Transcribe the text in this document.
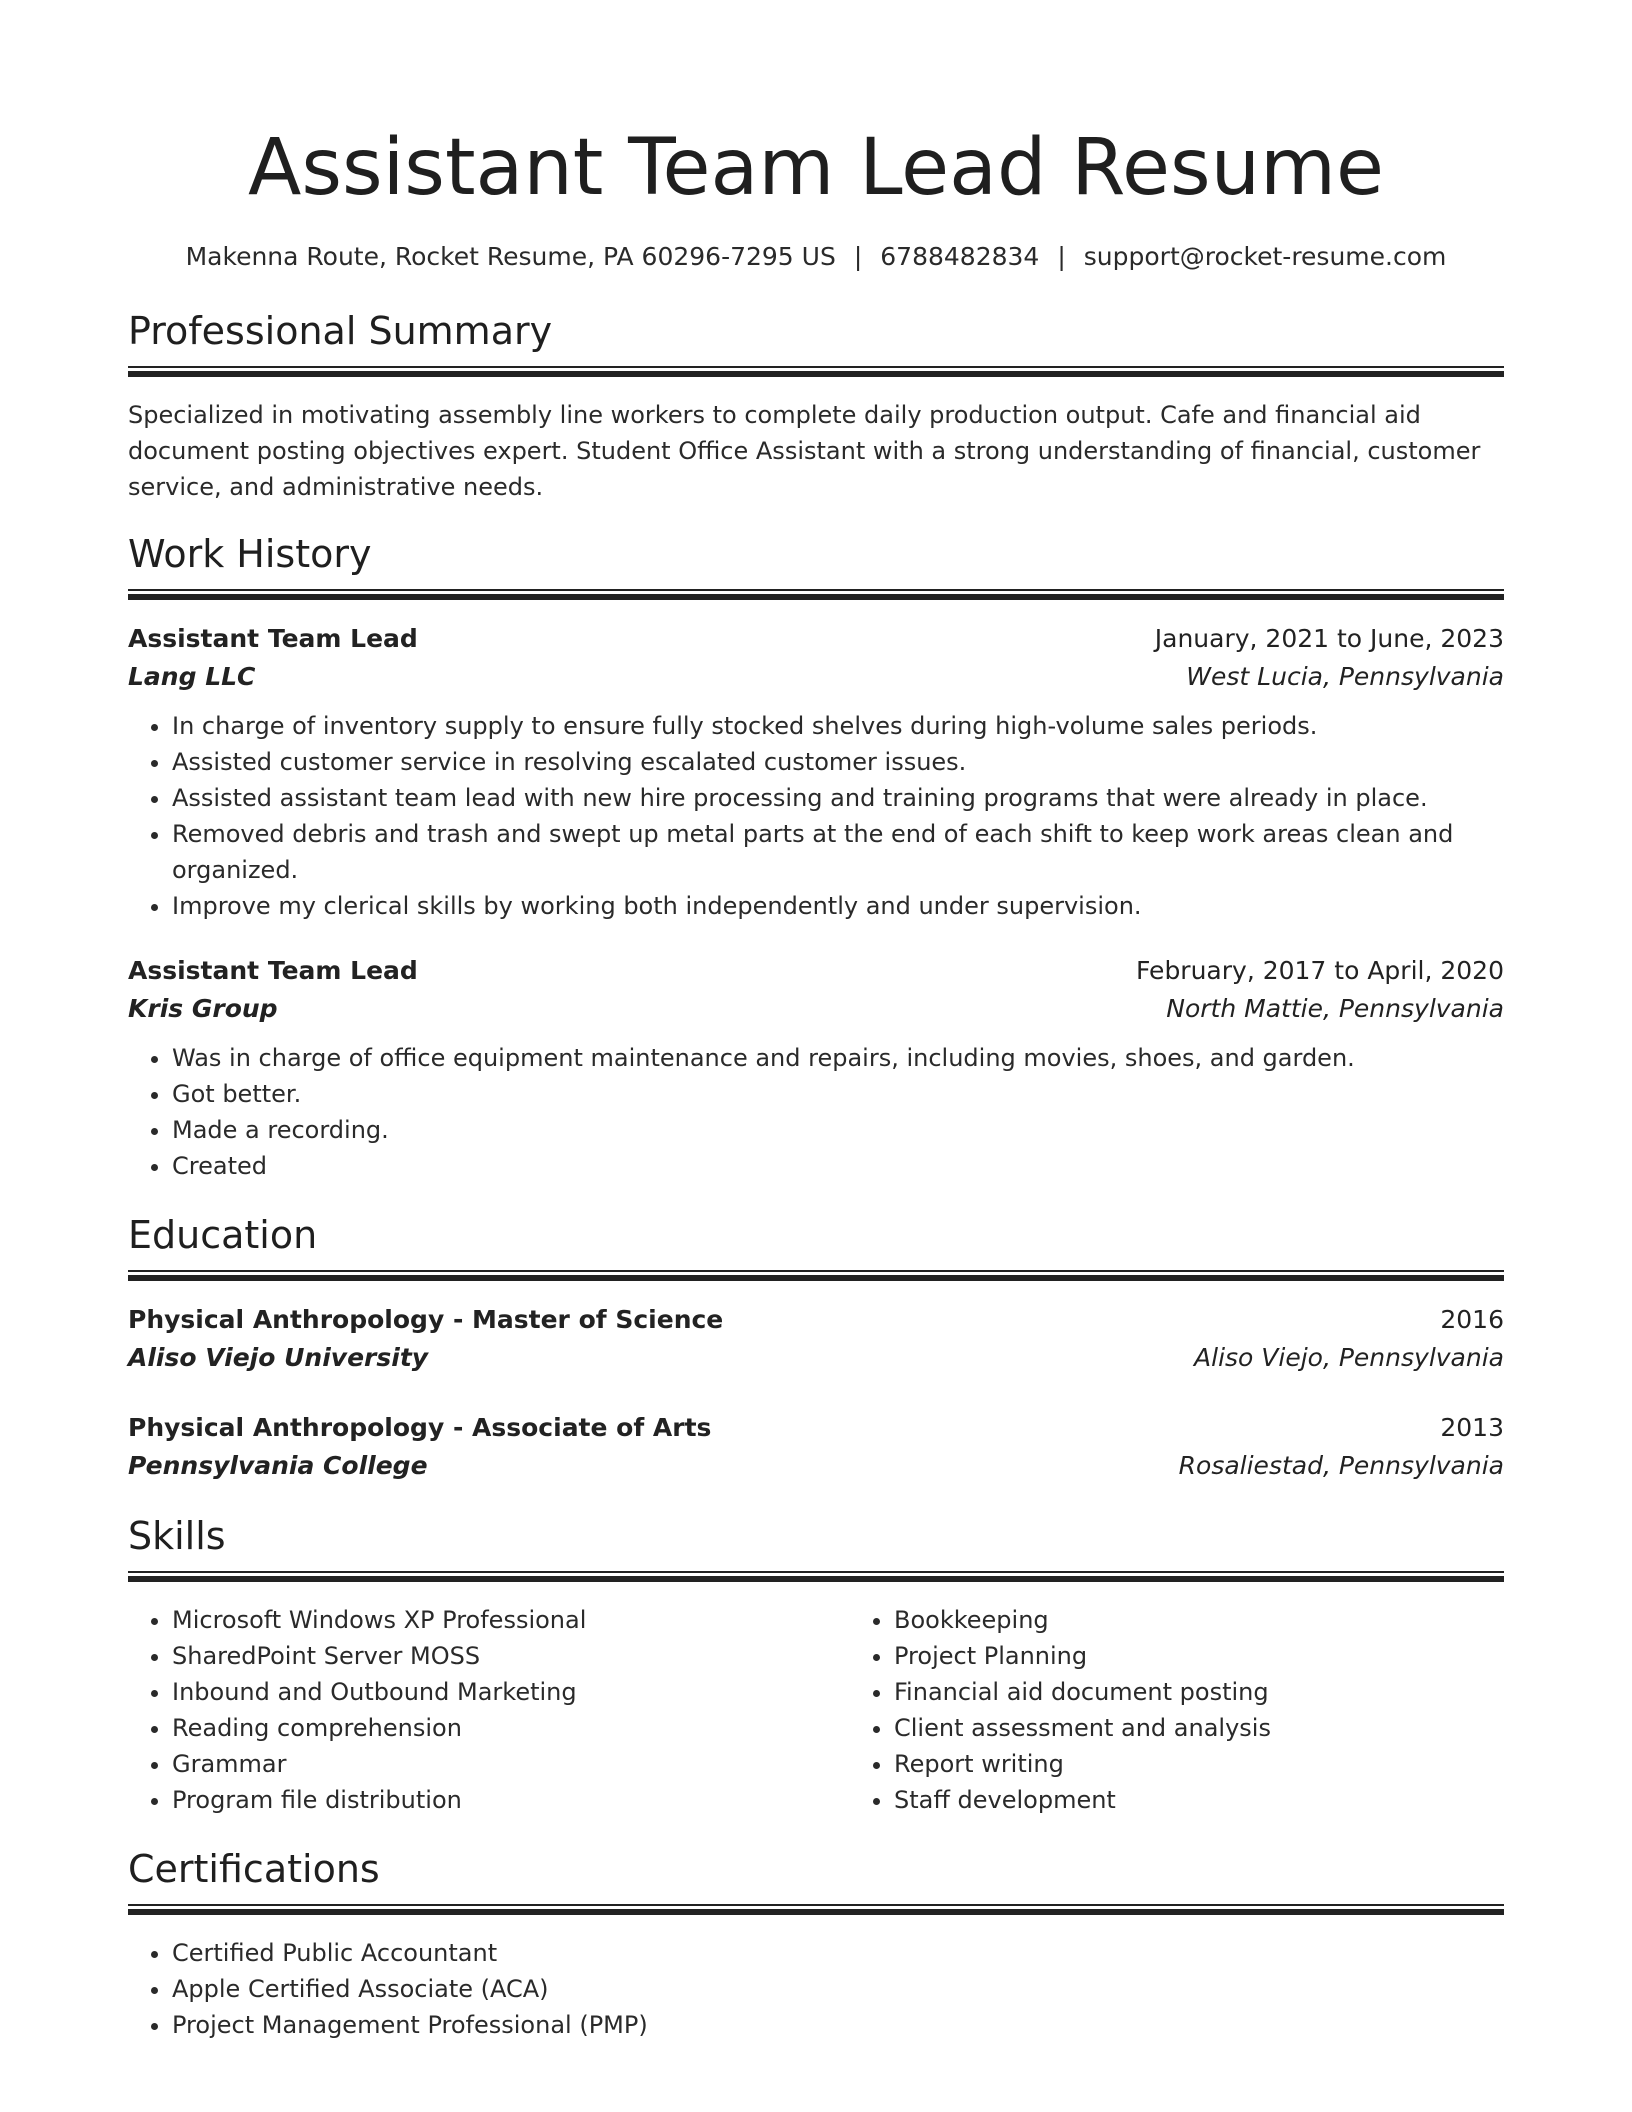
Assistant Team Lead Resume
Makenna Route, Rocket Resume, PA 60296-7295 US | 6788482834 | support@rocket-resume.com
Professional Summary

Specialized in motivating assembly line workers to complete daily production output. Cafe and financial aid document posting objectives expert. Student Office Assistant with a strong understanding of financial, customer service, and administrative needs.

Work History
Assistant Team Lead	January, 2021 to June, 2023
Lang LLC	West Lucia, Pennsylvania
• In charge of inventory supply to ensure fully stocked shelves during high-volume sales periods.
• Assisted customer service in resolving escalated customer issues.
• Assisted assistant team lead with new hire processing and training programs that were already in place.
• Removed debris and trash and swept up metal parts at the end of each shift to keep work areas clean and organized.
• Improve my clerical skills by working both independently and under supervision.
Assistant Team Lead	February, 2017 to April, 2020
Kris Group	North Mattie, Pennsylvania
• Was in charge of office equipment maintenance and repairs, including movies, shoes, and garden.
• Got better.
• Made a recording.
• Created
Education
Physical Anthropology - Master of Science	2016
Aliso Viejo University	Aliso Viejo, Pennsylvania
Physical Anthropology - Associate of Arts	2013
Pennsylvania College	Rosaliestad, Pennsylvania
Skills
• Microsoft Windows XP Professional
• SharedPoint Server MOSS
• Inbound and Outbound Marketing
• Reading comprehension
• Grammar
• Program file distribution
• Bookkeeping
• Project Planning
• Financial aid document posting
• Client assessment and analysis
• Report writing
• Staff development
Certifications
• Certified Public Accountant
• Apple Certified Associate (ACA)
• Project Management Professional (PMP)
